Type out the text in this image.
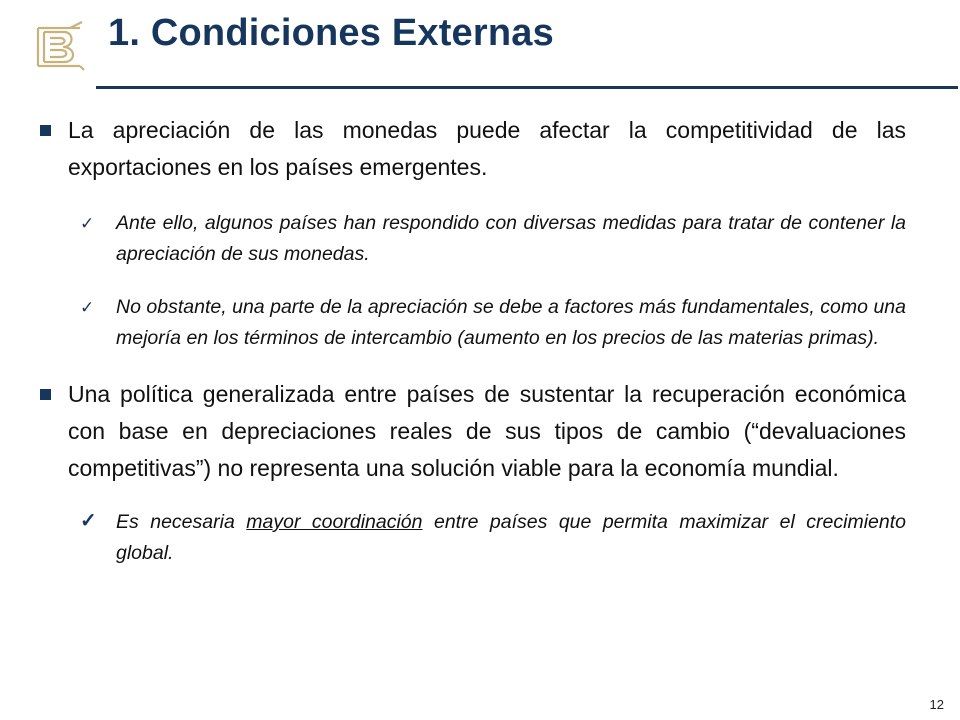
1. Condiciones Externas
La apreciación de las monedas puede afectar la competitividad de las exportaciones en los países emergentes.
✓ Ante ello, algunos países han respondido con diversas medidas para tratar de contener la apreciación de sus monedas.
✓ No obstante, una parte de la apreciación se debe a factores más fundamentales, como una mejoría en los términos de intercambio (aumento en los precios de las materias primas).
Una política generalizada entre países de sustentar la recuperación económica con base en depreciaciones reales de sus tipos de cambio (“devaluaciones competitivas”) no representa una solución viable para la economía mundial.
✓ Es necesaria mayor coordinación entre países que permita maximizar el crecimiento global.
12
